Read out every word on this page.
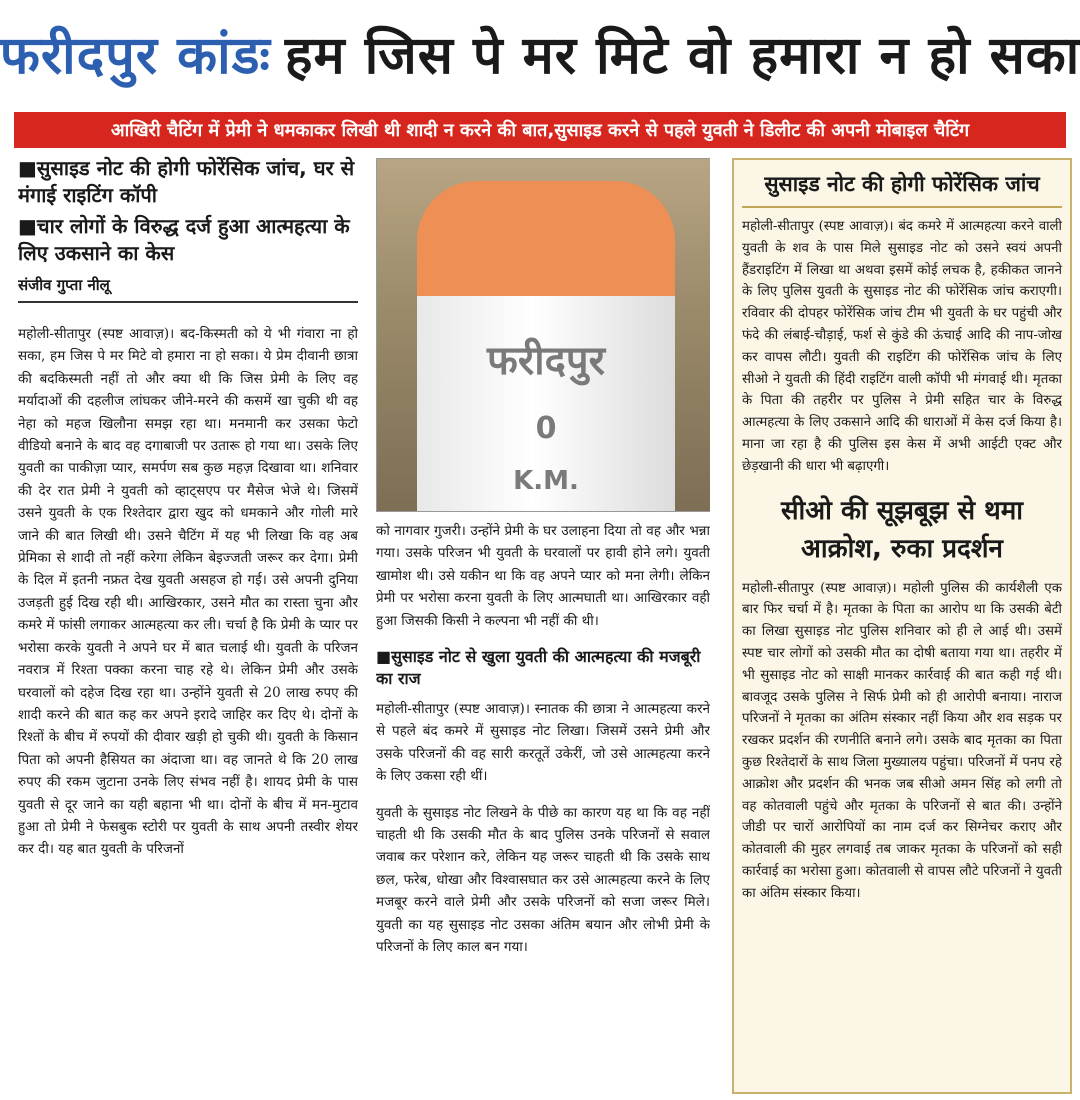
फरीदपुर कांडः हम जिस पे मर मिटे वो हमारा न हो सका
आखिरी चैटिंग में प्रेमी ने धमकाकर लिखी थी शादी न करने की बात,सुसाइड करने से पहले युवती ने डिलीट की अपनी मोबाइल चैटिंग
■सुसाइड नोट की होगी फोरेंसिक जांच, घर से मंगाई राइटिंग कॉपी
■चार लोगों के विरुद्ध दर्ज हुआ आत्महत्या के लिए उकसाने का केस
संजीव गुप्ता नीलू
महोली-सीतापुर (स्पष्ट आवाज़)। बद-किस्मती को ये भी गंवारा ना हो सका, हम जिस पे मर मिटे वो हमारा ना हो सका। ये प्रेम दीवानी छात्रा की बदकिस्मती नहीं तो और क्या थी कि जिस प्रेमी के लिए वह मर्यादाओं की दहलीज लांघकर जीने-मरने की कसमें खा चुकी थी वह नेहा को महज खिलौना समझ रहा था। मनमानी कर उसका फेटो वीडियो बनाने के बाद वह दगाबाजी पर उतारू हो गया था। उसके लिए युवती का पाकीज़ा प्यार, समर्पण सब कुछ महज़ दिखावा था। शनिवार की देर रात प्रेमी ने युवती को व्हाट्सएप पर मैसेज भेजे थे। जिसमें उसने युवती के एक रिश्तेदार द्वारा खुद को धमकाने और गोली मारे जाने की बात लिखी थी। उसने चैटिंग में यह भी लिखा कि वह अब प्रेमिका से शादी तो नहीं करेगा लेकिन बेइज्जती जरूर कर देगा। प्रेमी के दिल में इतनी नफ्रत देख युवती असहज हो गई। उसे अपनी दुनिया उजड़ती हुई दिख रही थी। आखिरकार, उसने मौत का रास्ता चुना और कमरे में फांसी लगाकर आत्महत्या कर ली। चर्चा है कि प्रेमी के प्यार पर भरोसा करके युवती ने अपने घर में बात चलाई थी। युवती के परिजन नवरात्र में रिश्ता पक्का करना चाह रहे थे। लेकिन प्रेमी और उसके घरवालों को दहेज दिख रहा था। उन्होंने युवती से 20 लाख रुपए की शादी करने की बात कह कर अपने इरादे जाहिर कर दिए थे। दोनों के रिश्तों के बीच में रुपयों की दीवार खड़ी हो चुकी थी। युवती के किसान पिता को अपनी हैसियत का अंदाजा था। वह जानते थे कि 20 लाख रुपए की रकम जुटाना उनके लिए संभव नहीं है। शायद प्रेमी के पास युवती से दूर जाने का यही बहाना भी था। दोनों के बीच में मन-मुटाव हुआ तो प्रेमी ने फेसबुक स्टोरी पर युवती के साथ अपनी तस्वीर शेयर कर दी। यह बात युवती के परिजनों
फरीदपुर
0
K.M.
को नागवार गुजरी। उन्होंने प्रेमी के घर उलाहना दिया तो वह और भन्ना गया। उसके परिजन भी युवती के घरवालों पर हावी होने लगे। युवती खामोश थी। उसे यकीन था कि वह अपने प्यार को मना लेगी। लेकिन प्रेमी पर भरोसा करना युवती के लिए आत्मघाती था। आखिरकार वही हुआ जिसकी किसी ने कल्पना भी नहीं की थी।
■सुसाइड नोट से खुला युवती की आत्महत्या की मजबूरी का राज
महोली-सीतापुर (स्पष्ट आवाज़)। स्नातक की छात्रा ने आत्महत्या करने से पहले बंद कमरे में सुसाइड नोट लिखा। जिसमें उसने प्रेमी और उसके परिजनों की वह सारी करतूतें उकेरीं, जो उसे आत्महत्या करने के लिए उकसा रही थीं।
युवती के सुसाइड नोट लिखने के पीछे का कारण यह था कि वह नहीं चाहती थी कि उसकी मौत के बाद पुलिस उनके परिजनों से सवाल जवाब कर परेशान करे, लेकिन यह जरूर चाहती थी कि उसके साथ छल, फरेब, धोखा और विश्वासघात कर उसे आत्महत्या करने के लिए मजबूर करने वाले प्रेमी और उसके परिजनों को सजा जरूर मिले। युवती का यह सुसाइड नोट उसका अंतिम बयान और लोभी प्रेमी के परिजनों के लिए काल बन गया।
सुसाइड नोट की होगी फोरेंसिक जांच
महोली-सीतापुर (स्पष्ट आवाज़)। बंद कमरे में आत्महत्या करने वाली युवती के शव के पास मिले सुसाइड नोट को उसने स्वयं अपनी हैंडराइटिंग में लिखा था अथवा इसमें कोई लचक है, हकीकत जानने के लिए पुलिस युवती के सुसाइड नोट की फोरेंसिक जांच कराएगी। रविवार की दोपहर फोरेंसिक जांच टीम भी युवती के घर पहुंची और फंदे की लंबाई-चौड़ाई, फर्श से कुंडे की ऊंचाई आदि की नाप-जोख कर वापस लौटी। युवती की राइटिंग की फोरेंसिक जांच के लिए सीओ ने युवती की हिंदी राइटिंग वाली कॉपी भी मंगवाई थी। मृतका के पिता की तहरीर पर पुलिस ने प्रेमी सहित चार के विरुद्ध आत्महत्या के लिए उकसाने आदि की धाराओं में केस दर्ज किया है। माना जा रहा है की पुलिस इस केस में अभी आईटी एक्ट और छेड़खानी की धारा भी बढ़ाएगी।
सीओ की सूझबूझ से थमा आक्रोश, रुका प्रदर्शन
महोली-सीतापुर (स्पष्ट आवाज़)। महोली पुलिस की कार्यशैली एक बार फिर चर्चा में है। मृतका के पिता का आरोप था कि उसकी बेटी का लिखा सुसाइड नोट पुलिस शनिवार को ही ले आई थी। उसमें स्पष्ट चार लोगों को उसकी मौत का दोषी बताया गया था। तहरीर में भी सुसाइड नोट को साक्षी मानकर कार्रवाई की बात कही गई थी। बावजूद उसके पुलिस ने सिर्फ प्रेमी को ही आरोपी बनाया। नाराज परिजनों ने मृतका का अंतिम संस्कार नहीं किया और शव सड़क पर रखकर प्रदर्शन की रणनीति बनाने लगे। उसके बाद मृतका का पिता कुछ रिश्तेदारों के साथ जिला मुख्यालय पहुंचा। परिजनों में पनप रहे आक्रोश और प्रदर्शन की भनक जब सीओ अमन सिंह को लगी तो वह कोतवाली पहुंचे और मृतका के परिजनों से बात की। उन्होंने जीडी पर चारों आरोपियों का नाम दर्ज कर सिग्नेचर कराए और कोतवाली की मुहर लगवाई तब जाकर मृतका के परिजनों को सही कार्रवाई का भरोसा हुआ। कोतवाली से वापस लौटे परिजनों ने युवती का अंतिम संस्कार किया।
